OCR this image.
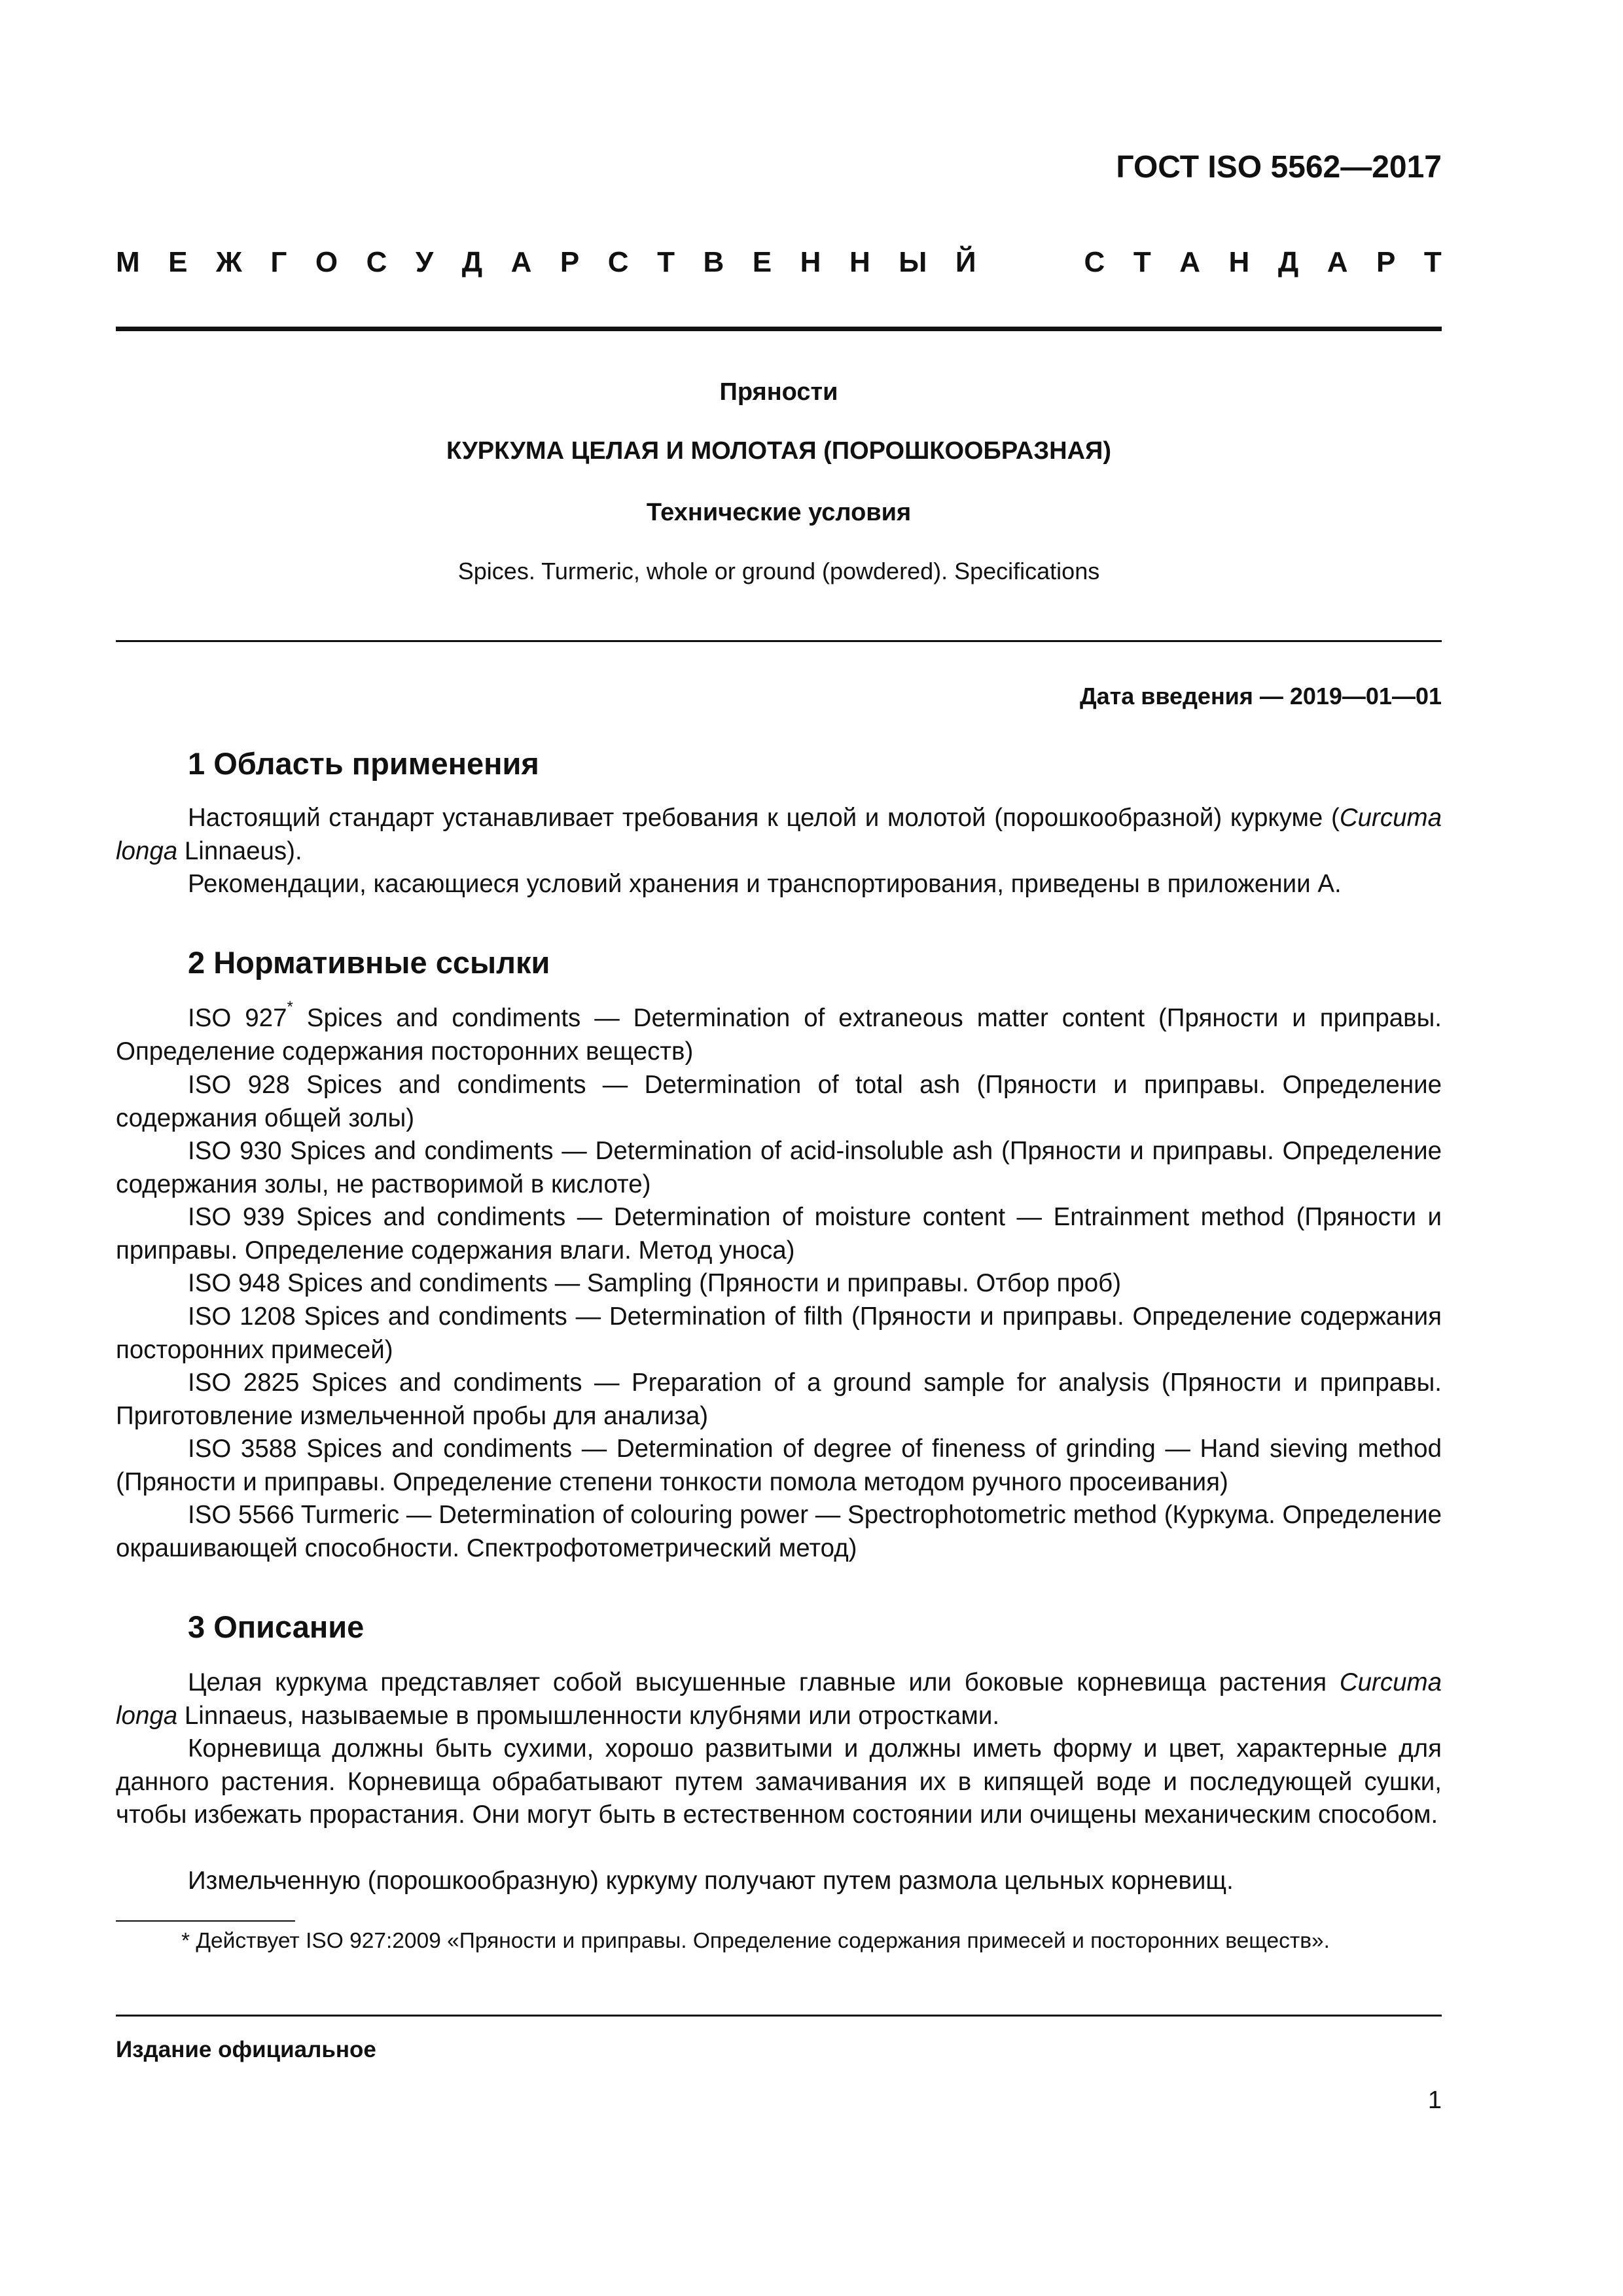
ГОСТ ISO 5562—2017
М Е Ж Г О С У Д А Р С Т В Е Н Н Ы Й	С Т А Н Д А Р Т
Пряности
КУРКУМА ЦЕЛАЯ И МОЛОТАЯ (ПОРОШКООБРАЗНАЯ)
Технические условия
Spices. Turmeric, whole or ground (powdered). Specifications
Дата введения — 2019—01—01
1 Область применения
Настоящий стандарт устанавливает требования к целой и молотой (порошкообразной) куркуме (Curcuma longa Linnaeus).
Рекомендации, касающиеся условий хранения и транспортирования, приведены в приложении А.
2 Нормативные ссылки
ISO 927* Spices and condiments — Determination of extraneous matter content (Пряности и приправы. Определение содержания посторонних веществ)
ISO 928 Spices and condiments — Determination of total ash (Пряности и приправы. Определение содержания общей золы)
ISO 930 Spices and condiments — Determination of acid-insoluble ash (Пряности и приправы. Определение содержания золы, не растворимой в кислоте)
ISO 939 Spices and condiments — Determination of moisture content — Entrainment method (Пряности и приправы. Определение содержания влаги. Метод уноса)
ISO 948 Spices and condiments — Sampling (Пряности и приправы. Отбор проб)
ISO 1208 Spices and condiments — Determination of filth (Пряности и приправы. Определение содержания посторонних примесей)
ISO 2825 Spices and condiments — Preparation of a ground sample for analysis (Пряности и приправы. Приготовление измельченной пробы для анализа)
ISO 3588 Spices and condiments — Determination of degree of fineness of grinding — Hand sieving method (Пряности и приправы. Определение степени тонкости помола методом ручного просеивания)
ISO 5566 Turmeric — Determination of colouring power — Spectrophotometric method (Куркума. Определение окрашивающей способности. Спектрофотометрический метод)
3 Описание
Целая куркума представляет собой высушенные главные или боковые корневища растения Curcuma longa Linnaeus, называемые в промышленности клубнями или отростками.
Корневища должны быть сухими, хорошо развитыми и должны иметь форму и цвет, характерные для данного растения. Корневища обрабатывают путем замачивания их в кипящей воде и последующей сушки, чтобы избежать прорастания. Они могут быть в естественном состоянии или очищены механическим способом.
Измельченную (порошкообразную) куркуму получают путем размола цельных корневищ.
* Действует ISO 927:2009 «Пряности и приправы. Определение содержания примесей и посторонних веществ».
Издание официальное
1
